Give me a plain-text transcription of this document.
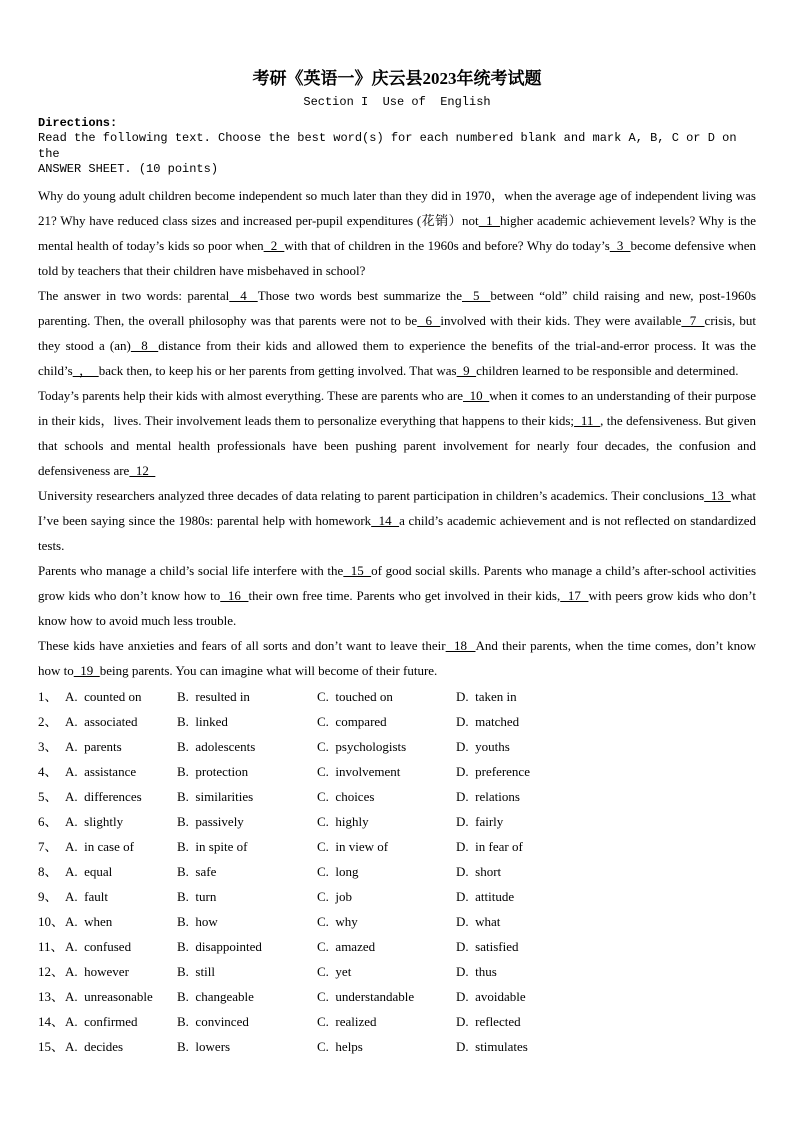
考研《英语一》庆云县2023年统考试题
Section I  Use of  English
Directions:
Read the following text. Choose the best word(s) for each numbered blank and mark A, B, C or D on the
ANSWER SHEET. (10 points)

Why do young adult children become independent so much later than they did in 1970，when the average age of independent living was 21? Why have reduced class sizes and increased per-pupil expenditures (花销）not  1  higher academic achievement levels? Why is the mental health of today’s kids so poor when  2  with that of children in the 1960s and before? Why do today’s  3  become defensive when told by teachers that their children have misbehaved in school?

The answer in two words: parental  4  Those two words best summarize the  5  between “old” child raising and new, post-1960s parenting. Then, the overall philosophy was that parents were not to be  6  involved with their kids. They were available  7  crisis, but they stood a (an)  8  distance from their kids and allowed them to experience the benefits of the trial-and-error process. It was the child’s  ，  back then, to keep his or her parents from getting involved. That was  9  children learned to be responsible and determined.

Today’s parents help their kids with almost everything. These are parents who are  10  when it comes to an understanding of their purpose in their kids，lives. Their involvement leads them to personalize everything that happens to their kids;  11  , the defensiveness. But given that schools and mental health professionals have been pushing parent involvement for nearly four decades, the confusion and defensiveness are  12

University researchers analyzed three decades of data relating to parent participation in children’s academics. Their conclusions  13  what I’ve been saying since the 1980s: parental help with homework  14  a child’s academic achievement and is not reflected on standardized tests.

Parents who manage a child’s social life interfere with the  15  of good social skills. Parents who manage a child’s after-school activities grow kids who don’t know how to  16  their own free time. Parents who get involved in their kids,  17  with peers grow kids who don’t know how to avoid much less trouble.

These kids have anxieties and fears of all sorts and don’t want to leave their  18  And their parents, when the time comes, don’t know how to  19  being parents. You can imagine what will become of their future.

1、 A.  counted on	B.  resulted in	C.  touched on	D.  taken in
2、 A.  associated	B.  linked	C.  compared	D.  matched
3、 A.  parents	B.  adolescents	C.  psychologists	D.  youths
4、 A.  assistance	B.  protection	C.  involvement	D.  preference
5、 A.  differences	B.  similarities	C.  choices	D.  relations
6、 A.  slightly	B.  passively	C.  highly	D.  fairly
7、 A.  in case of	B.  in spite of	C.  in view of	D.  in fear of
8、 A.  equal	B.  safe	C.  long	D.  short
9、 A.  fault	B.  turn	C.  job	D.  attitude
10、 A.  when	B.  how	C.  why	D.  what
11、 A.  confused	B.  disappointed	C.  amazed	D.  satisfied
12、 A.  however	B.  still	C.  yet	D.  thus
13、 A.  unreasonable	B.  changeable	C.  understandable	D.  avoidable
14、 A.  confirmed	B.  convinced	C.  realized	D.  reflected
15、 A.  decides	B.  lowers	C.  helps	D.  stimulates
